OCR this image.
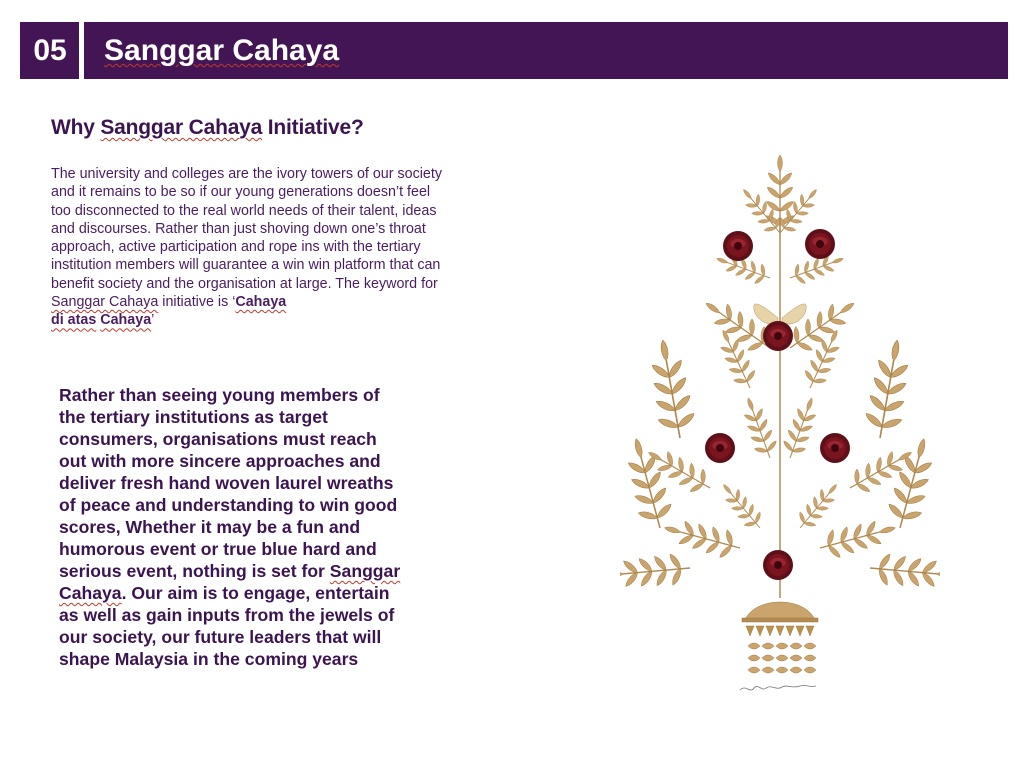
05	Sanggar Cahaya
Why Sanggar Cahaya Initiative?
The university and colleges are the ivory towers of our society and it remains to be so if our young generations doesn’t feel too disconnected to the real world needs of their talent, ideas and discourses. Rather than just shoving down one’s throat approach, active participation and rope ins with the tertiary institution members will guarantee a win win platform that can benefit society and the organisation at large. The keyword for Sanggar Cahaya initiative is ‘Cahaya
di atas Cahaya’
Rather than seeing young members of the tertiary institutions as target consumers, organisations must reach out with more sincere approaches and deliver fresh hand woven laurel wreaths of peace and understanding to win good scores, Whether it may be a fun and humorous event or true blue hard and serious event, nothing is set for Sanggar Cahaya. Our aim is to engage, entertain as well as gain inputs from the jewels of our society, our future leaders that will shape Malaysia in the coming years
